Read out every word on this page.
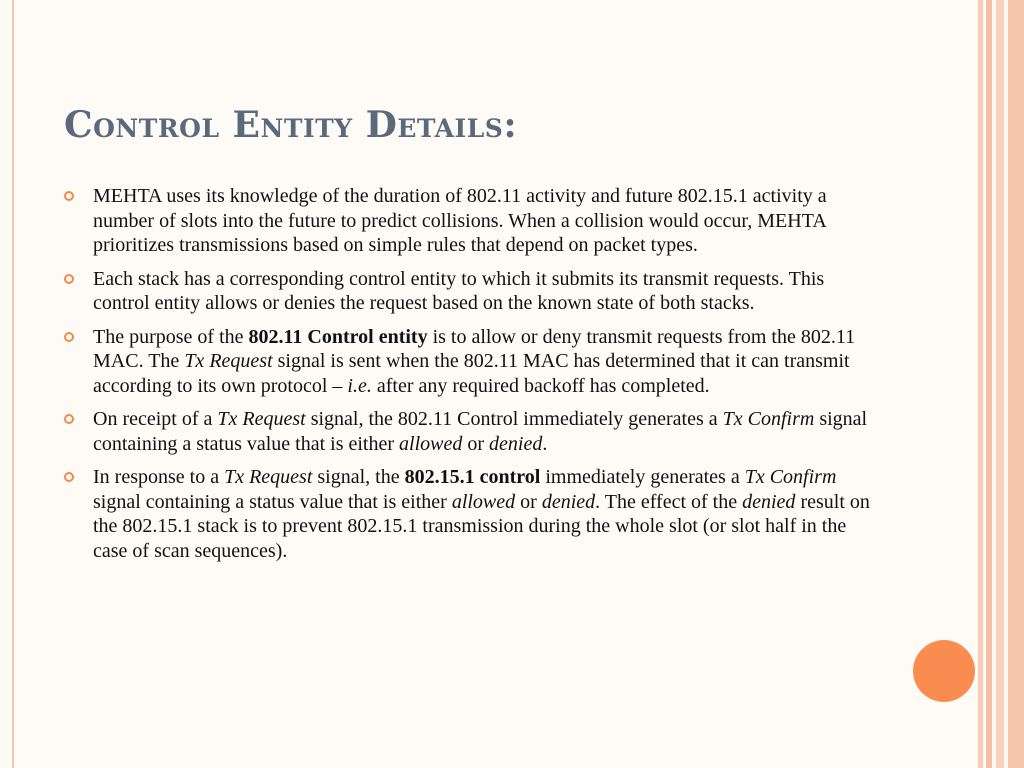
Control Entity Details:
MEHTA uses its knowledge of the duration of 802.11 activity and future 802.15.1 activity a number of slots into the future to predict collisions. When a collision would occur, MEHTA prioritizes transmissions based on simple rules that depend on packet types.
Each stack has a corresponding control entity to which it submits its transmit requests. This control entity allows or denies the request based on the known state of both stacks.
The purpose of the 802.11 Control entity is to allow or deny transmit requests from the 802.11 MAC. The Tx Request signal is sent when the 802.11 MAC has determined that it can transmit according to its own protocol – i.e. after any required backoff has completed.
On receipt of a Tx Request signal, the 802.11 Control immediately generates a Tx Confirm signal containing a status value that is either allowed or denied.
In response to a Tx Request signal, the 802.15.1 control immediately generates a Tx Confirm signal containing a status value that is either allowed or denied. The effect of the denied result on the 802.15.1 stack is to prevent 802.15.1 transmission during the whole slot (or slot half in the case of scan sequences).
